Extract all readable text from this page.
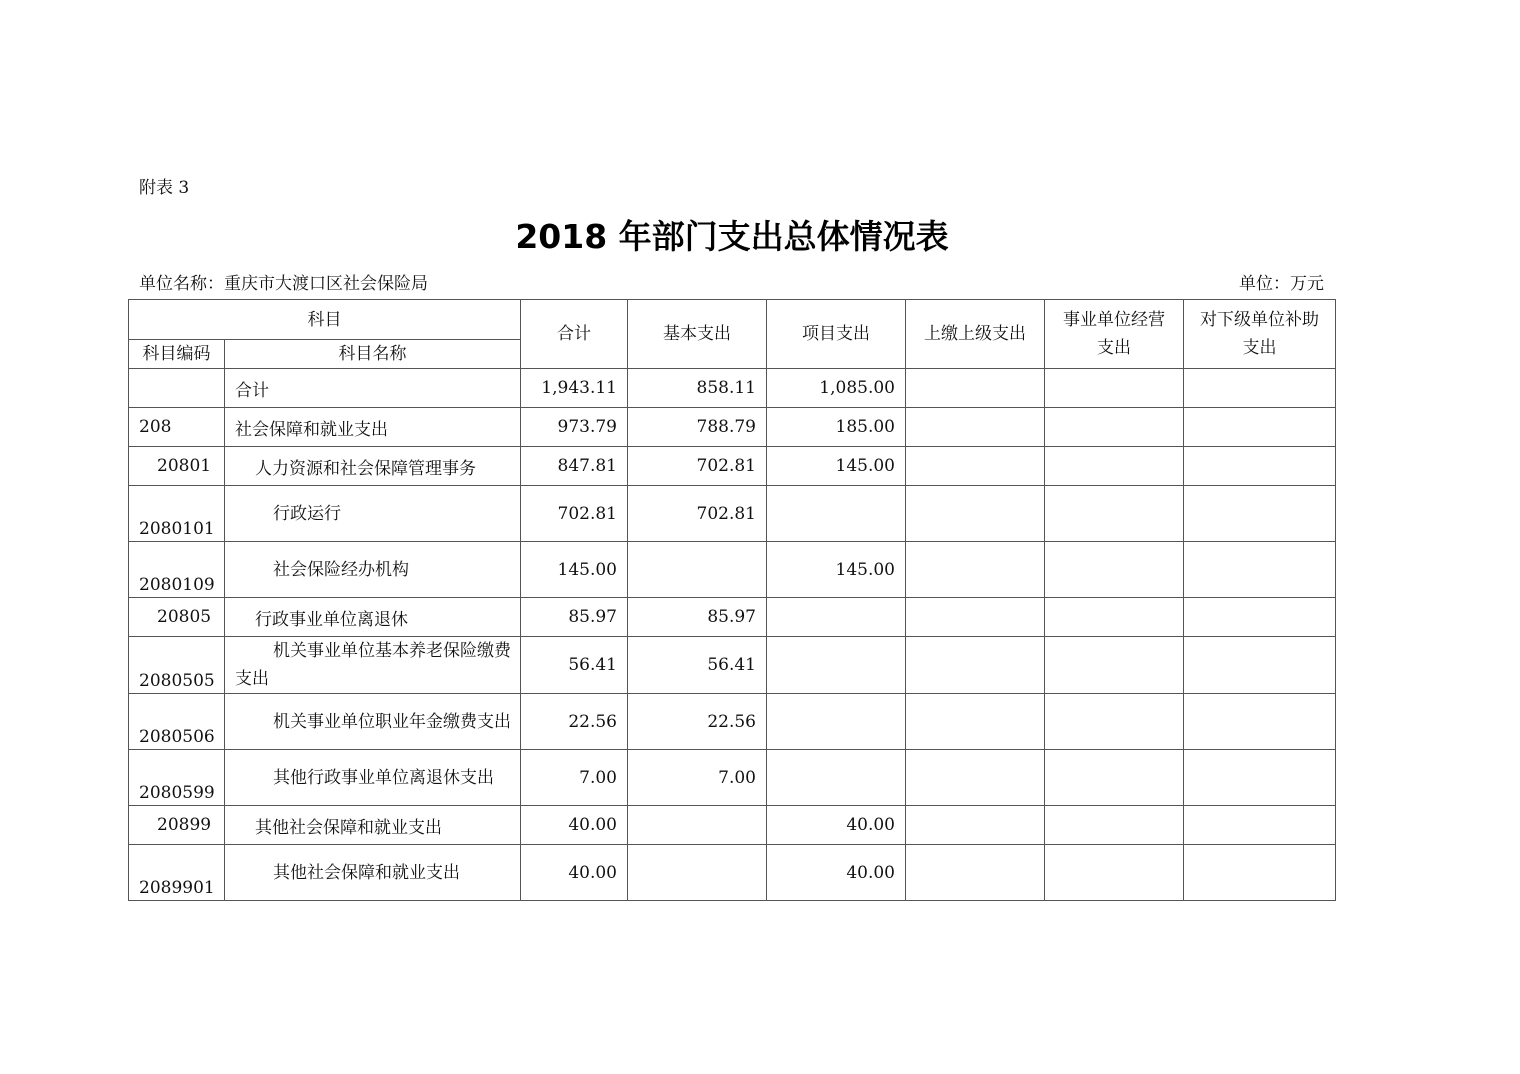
附表 3
2018 年部门支出总体情况表
单位名称：重庆市大渡口区社会保险局	单位：万元
科目		合计	基本支出	项目支出	上缴上级支出	事业单位经营支出	对下级单位补助支出
科目编码	科目名称						
	合计	1,943.11	858.11	1,085.00			
208	社会保障和就业支出	973.79	788.79	185.00			
20801	人力资源和社会保障管理事务	847.81	702.81	145.00			
2080101	行政运行	702.81	702.81				
2080109	社会保险经办机构	145.00		145.00			
20805	行政事业单位离退休	85.97	85.97				
2080505	机关事业单位基本养老保险缴费支出	56.41	56.41				
2080506	机关事业单位职业年金缴费支出	22.56	22.56				
2080599	其他行政事业单位离退休支出	7.00	7.00				
20899	其他社会保障和就业支出	40.00		40.00			
2089901	其他社会保障和就业支出	40.00		40.00			
